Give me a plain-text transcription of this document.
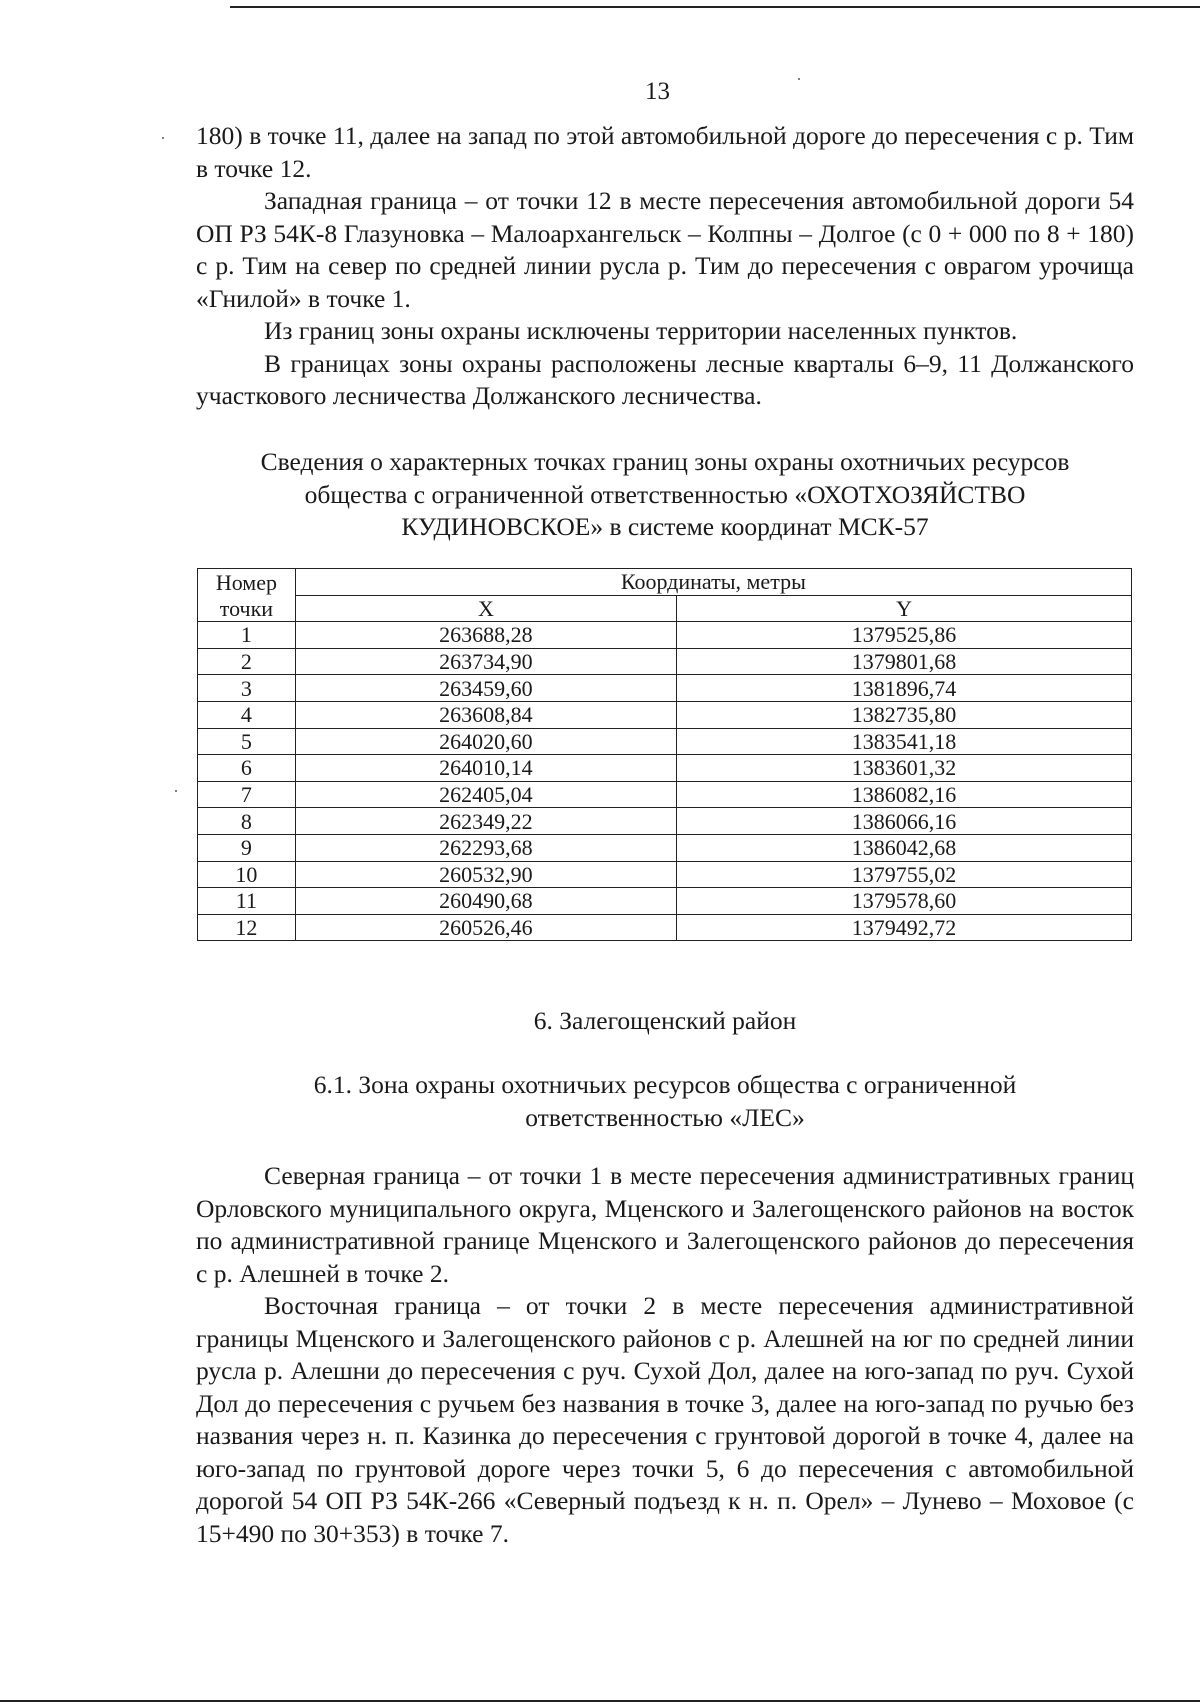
13

180) в точке 11, далее на запад по этой автомобильной дороге до пересечения с р. Тим в точке 12.

Западная граница – от точки 12 в месте пересечения автомобильной дороги 54 ОП РЗ 54К-8 Глазуновка – Малоархангельск – Колпны – Долгое (с 0 + 000 по 8 + 180) с р. Тим на север по средней линии русла р. Тим до пересечения с оврагом урочища «Гнилой» в точке 1.

Из границ зоны охраны исключены территории населенных пунктов.

В границах зоны охраны расположены лесные кварталы 6–9, 11 Должанского участкового лесничества Должанского лесничества.

Сведения о характерных точках границ зоны охраны охотничьих ресурсов
общества с ограниченной ответственностью «ОХОТХОЗЯЙСТВО
КУДИНОВСКОЕ» в системе координат МСК-57
Номер	Координаты, метры	
точки	X	Y
1	263688,28	1379525,86
2	263734,90	1379801,68
3	263459,60	1381896,74
4	263608,84	1382735,80
5	264020,60	1383541,18
6	264010,14	1383601,32
7	262405,04	1386082,16
8	262349,22	1386066,16
9	262293,68	1386042,68
10	260532,90	1379755,02
11	260490,68	1379578,60
12	260526,46	1379492,72
6. Залегощенский район
6.1. Зона охраны охотничьих ресурсов общества с ограниченной
ответственностью «ЛЕС»

Северная граница – от точки 1 в месте пересечения административных границ Орловского муниципального округа, Мценского и Залегощенского районов на восток по административной границе Мценского и Залегощенского районов до пересечения с р. Алешней в точке 2.

Восточная граница – от точки 2 в месте пересечения административной границы Мценского и Залегощенского районов с р. Алешней на юг по средней линии русла р. Алешни до пересечения с руч. Сухой Дол, далее на юго-запад по руч. Сухой Дол до пересечения с ручьем без названия в точке 3, далее на юго-запад по ручью без названия через н. п. Казинка до пересечения с грунтовой дорогой в точке 4, далее на юго-запад по грунтовой дороге через точки 5, 6 до пересечения с автомобильной дорогой 54 ОП РЗ 54К-266 «Северный подъезд к н. п. Орел» – Лунево – Моховое (с 15+490 по 30+353) в точке 7.
